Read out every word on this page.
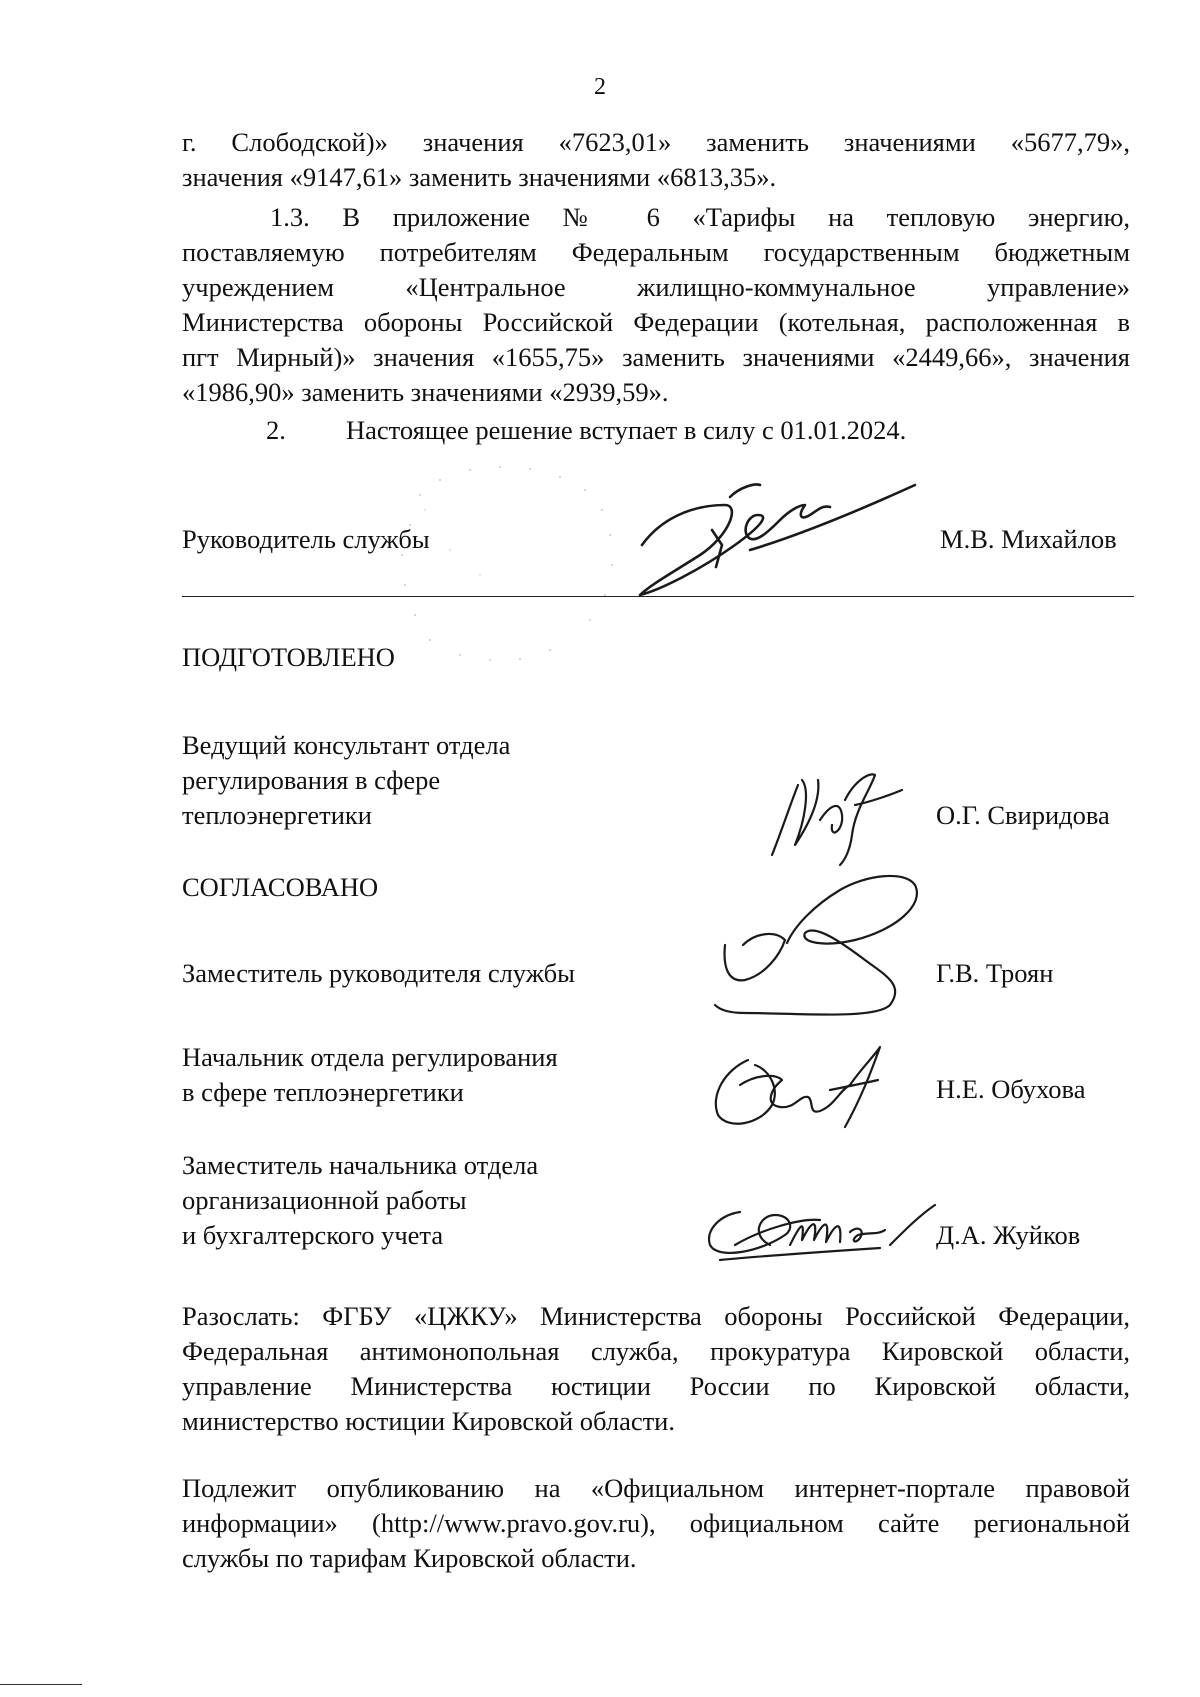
2
г. Слободской)» значения «7623,01» заменить значениями «5677,79»,
значения «9147,61» заменить значениями «6813,35».
1.3. В приложение № 6 «Тарифы на тепловую энергию,
поставляемую потребителям Федеральным государственным бюджетным
учреждением «Центральное жилищно-коммунальное управление»
Министерства обороны Российской Федерации (котельная, расположенная в
пгт Мирный)» значения «1655,75» заменить значениями «2449,66», значения
«1986,90» заменить значениями «2939,59».
2. Настоящее решение вступает в силу с 01.01.2024.
Руководитель службы	М.В. Михайлов
ПОДГОТОВЛЕНО
Ведущий консультант отдела
регулирования в сфере
теплоэнергетики	О.Г. Свиридова
СОГЛАСОВАНО
Заместитель руководителя службы	Г.В. Троян
Начальник отдела регулирования
в сфере теплоэнергетики	Н.Е. Обухова
Заместитель начальника отдела
организационной работы
и бухгалтерского учета	Д.А. Жуйков
Разослать: ФГБУ «ЦЖКУ» Министерства обороны Российской Федерации,
Федеральная антимонопольная служба, прокуратура Кировской области,
управление Министерства юстиции России по Кировской области,
министерство юстиции Кировской области.
Подлежит опубликованию на «Официальном интернет-портале правовой
информации» (http://www.pravo.gov.ru), официальном сайте региональной
службы по тарифам Кировской области.
